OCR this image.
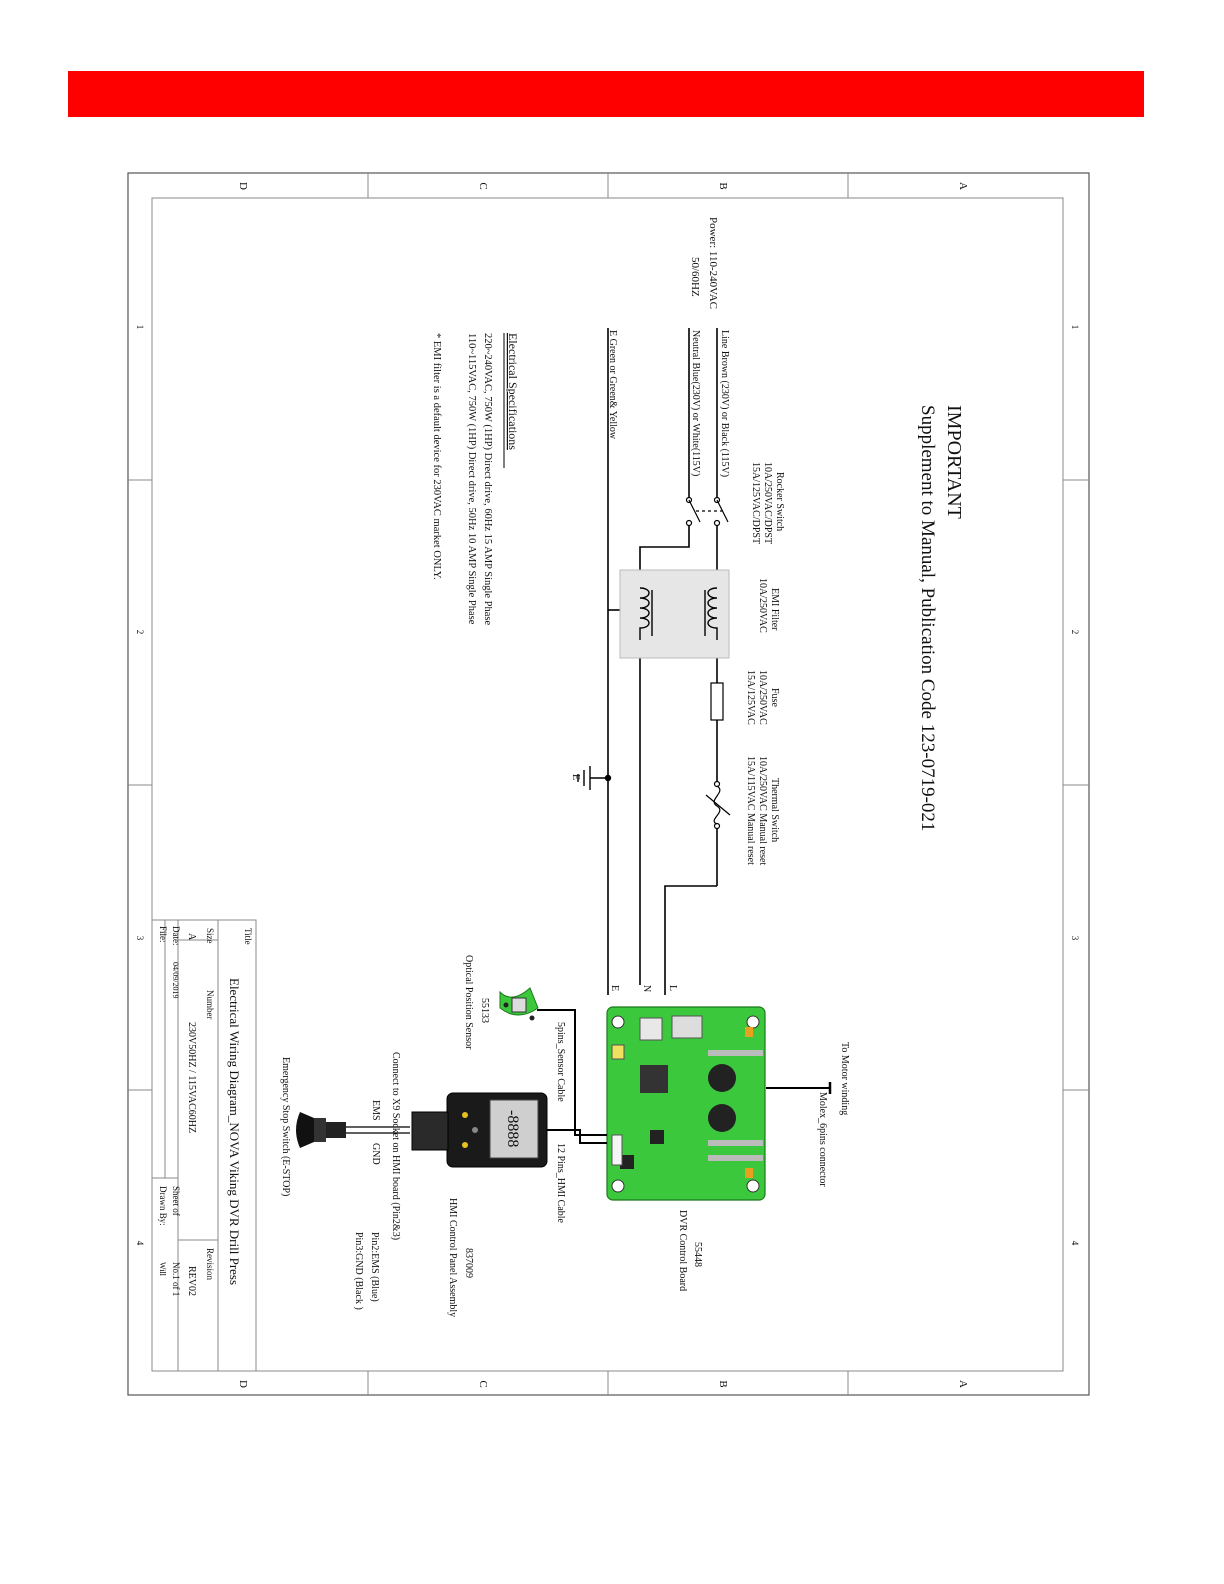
A
B
C
D
A
B
C
D
1
2
3
4
1
2
3
4
IMPORTANT
Supplement to Manual, Publication Code 123-0719-021
Power: 110-240VAC
50/60HZ
Line Brown (230V) or Black (115V)
Neutral Blue(230V) or White(115V)
E Green or Green& Yellow
Electrical Specifications
220~240VAC, 750W (1HP) Direct drive, 60Hz 15 AMP Single Phase
110~115VAC, 750W (1HP) Direct drive, 50Hz 10 AMP Single Phase
* EMI filter is a default device for 230VAC market ONLY.	Rocker Switch
10A/250VAC/DPST
15A/125VAC/DPST
EMI Filter
10A/250VAC
Fuse
10A/250VAC
15A/125VAC
Thermal Switch
10A/250VAC Manual reset
15A/115VAC Manual reset
E
L
N
E
To Motor winding
Molex_6pins connector
55448
DVR Control Board
5pins_Sensor Cable
55133
Optical Position Sensor
-8888
12 Pins_HMI Cable
837009
HMI Control Panel Assembly
Connect to X9 Socket on HMI board (Pin2&3)
EMS
GND
Pin2:EMS (Blue)
Pin3:GND (Black )
Emergency Stop Switch (E-STOP)
Title
Electrical Wiring Diagram_NOVA Viking DVR Drill Press
Size
A
Number
230V50HZ / 115VAC60HZ
Revision
REV02
Date:
04/09/2019
File:
Sheet of
No.1 of 1
Drawn By:
Will
